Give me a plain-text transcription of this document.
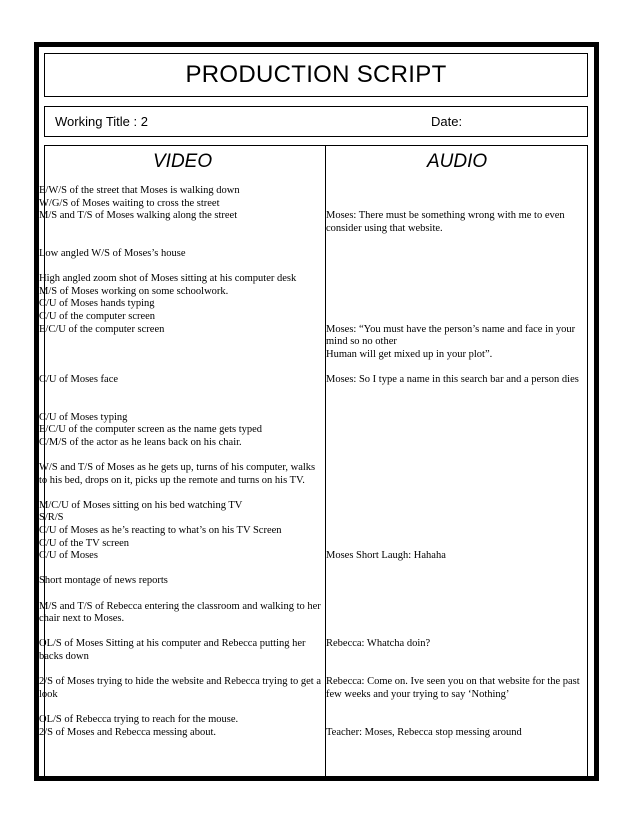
PRODUCTION SCRIPT
Working Title : 2	Date:
VIDEO	AUDIO
E/W/S of the street that Moses is walking down
W/G/S of Moses waiting to cross the street
M/S and T/S of Moses walking along the street

Low angled W/S of Moses’s house

High angled zoom shot of Moses sitting at his computer desk
M/S of Moses working on some schoolwork.
C/U of Moses hands typing
C/U of the computer screen
E/C/U of the computer screen

C/U of Moses face

C/U of Moses typing
E/C/U of the computer screen as the name gets typed
C/M/S of the actor as he leans back on his chair.

W/S and T/S of Moses as he gets up, turns of his computer, walks
to his bed, drops on it, picks up the remote and turns on his TV.

M/C/U of Moses sitting on his bed watching TV
S/R/S
C/U of Moses as he’s reacting to what’s on his TV Screen
C/U of the TV screen
C/U of Moses

Short montage of news reports

M/S and T/S of Rebecca entering the classroom and walking to her
chair next to Moses.

OL/S of Moses Sitting at his computer and Rebecca putting her
backs down

2/S of Moses trying to hide the website and Rebecca trying to get a
look

OL/S of Rebecca trying to reach for the mouse.
2/S of Moses and Rebecca messing about.

Moses: There must be something wrong with me to even
consider using that website.

Moses: “You must have the person’s name and face in your
mind so no other
Human will get mixed up in your plot”.

Moses: So I type a name in this search bar and a person dies

Moses Short Laugh: Hahaha

Rebecca: Whatcha doin?

Rebecca: Come on. Ive seen you on that website for the past
few weeks and your trying to say ‘Nothing’

Teacher: Moses, Rebecca stop messing around
